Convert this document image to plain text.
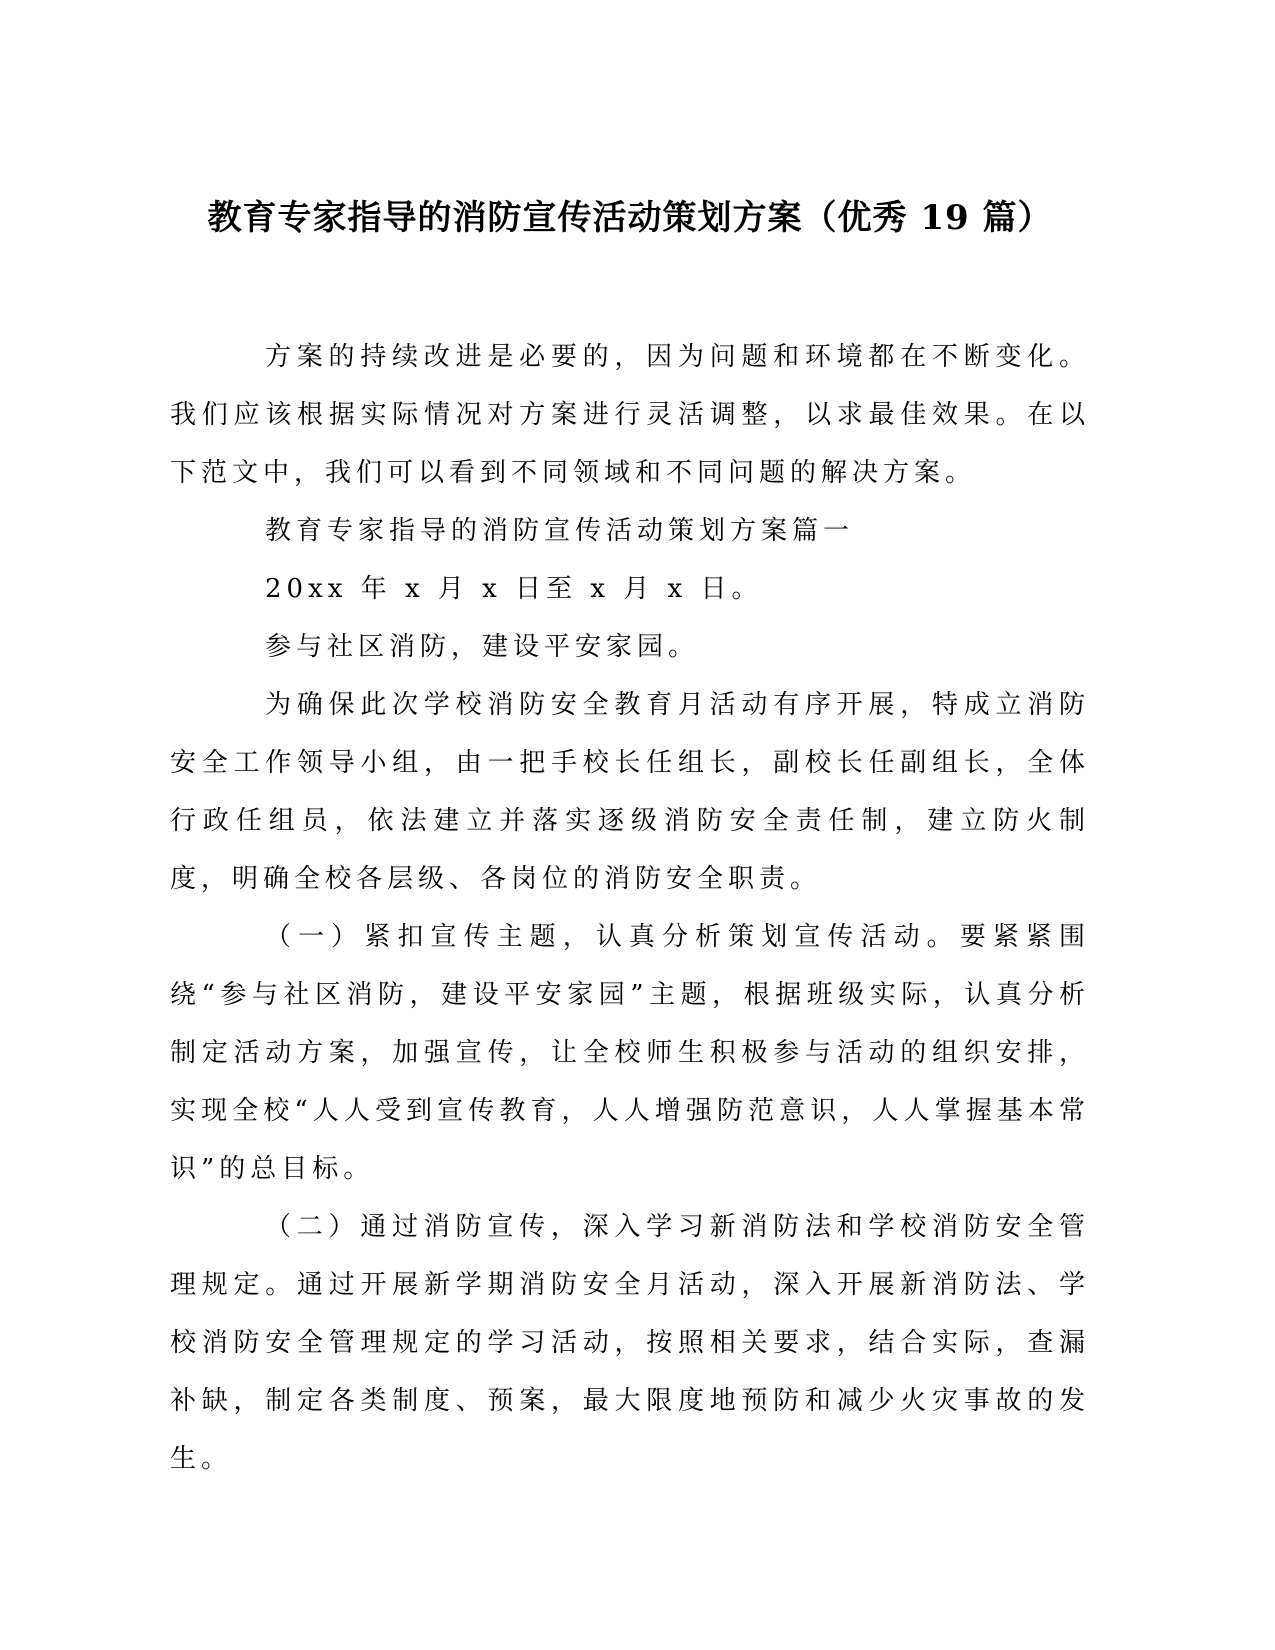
教育专家指导的消防宣传活动策划方案（优秀 19 篇）

方案的持续改进是必要的，因为问题和环境都在不断变化。我们应该根据实际情况对方案进行灵活调整，以求最佳效果。在以下范文中，我们可以看到不同领域和不同问题的解决方案。

教育专家指导的消防宣传活动策划方案篇一

20xx 年 x 月 x 日至 x 月 x 日。

参与社区消防，建设平安家园。

为确保此次学校消防安全教育月活动有序开展，特成立消防安全工作领导小组，由一把手校长任组长，副校长任副组长，全体行政任组员，依法建立并落实逐级消防安全责任制，建立防火制度，明确全校各层级、各岗位的消防安全职责。

（一）紧扣宣传主题，认真分析策划宣传活动。要紧紧围绕“参与社区消防，建设平安家园”主题，根据班级实际，认真分析制定活动方案，加强宣传，让全校师生积极参与活动的组织安排，实现全校“人人受到宣传教育，人人增强防范意识，人人掌握基本常识”的总目标。

（二）通过消防宣传，深入学习新消防法和学校消防安全管理规定。通过开展新学期消防安全月活动，深入开展新消防法、学校消防安全管理规定的学习活动，按照相关要求，结合实际，查漏补缺，制定各类制度、预案，最大限度地预防和减少火灾事故的发生。
